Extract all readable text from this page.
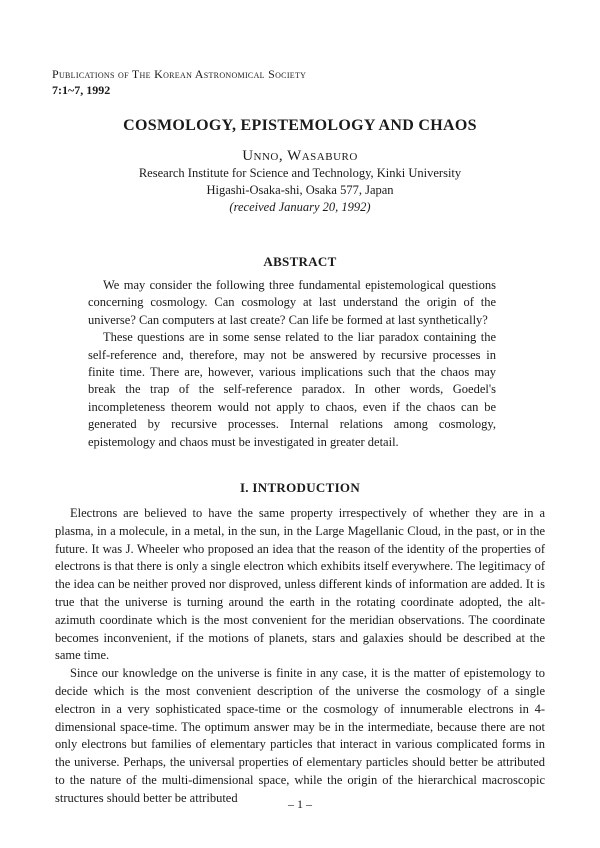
Publications of The Korean Astronomical Society
7:1~7, 1992
COSMOLOGY, EPISTEMOLOGY AND CHAOS
Unno, Wasaburo
Research Institute for Science and Technology, Kinki University
Higashi-Osaka-shi, Osaka 577, Japan
(received January 20, 1992)
ABSTRACT

We may consider the following three fundamental epistemological questions concerning cosmology. Can cosmology at last understand the origin of the universe? Can computers at last create? Can life be formed at last synthetically?

These questions are in some sense related to the liar paradox containing the self-reference and, therefore, may not be answered by recursive processes in finite time. There are, however, various implications such that the chaos may break the trap of the self-reference paradox. In other words, Goedel's incompleteness theorem would not apply to chaos, even if the chaos can be generated by recursive processes. Internal relations among cosmology, epistemology and chaos must be investigated in greater detail.

I. INTRODUCTION

Electrons are believed to have the same property irrespectively of whether they are in a plasma, in a molecule, in a metal, in the sun, in the Large Magellanic Cloud, in the past, or in the future. It was J. Wheeler who proposed an idea that the reason of the identity of the properties of electrons is that there is only a single electron which exhibits itself everywhere. The legitimacy of the idea can be neither proved nor disproved, unless different kinds of information are added. It is true that the universe is turning around the earth in the rotating coordinate adopted, the alt-azimuth coordinate which is the most convenient for the meridian observations. The coordinate becomes inconvenient, if the motions of planets, stars and galaxies should be described at the same time.

Since our knowledge on the universe is finite in any case, it is the matter of epistemology to decide which is the most convenient description of the universe the cosmology of a single electron in a very sophisticated space-time or the cosmology of innumerable electrons in 4-dimensional space-time. The optimum answer may be in the intermediate, because there are not only electrons but families of elementary particles that interact in various complicated forms in the universe. Perhaps, the universal properties of elementary particles should better be attributed to the nature of the multi-dimensional space, while the origin of the hierarchical macroscopic structures should better be attributed	– 1 –
